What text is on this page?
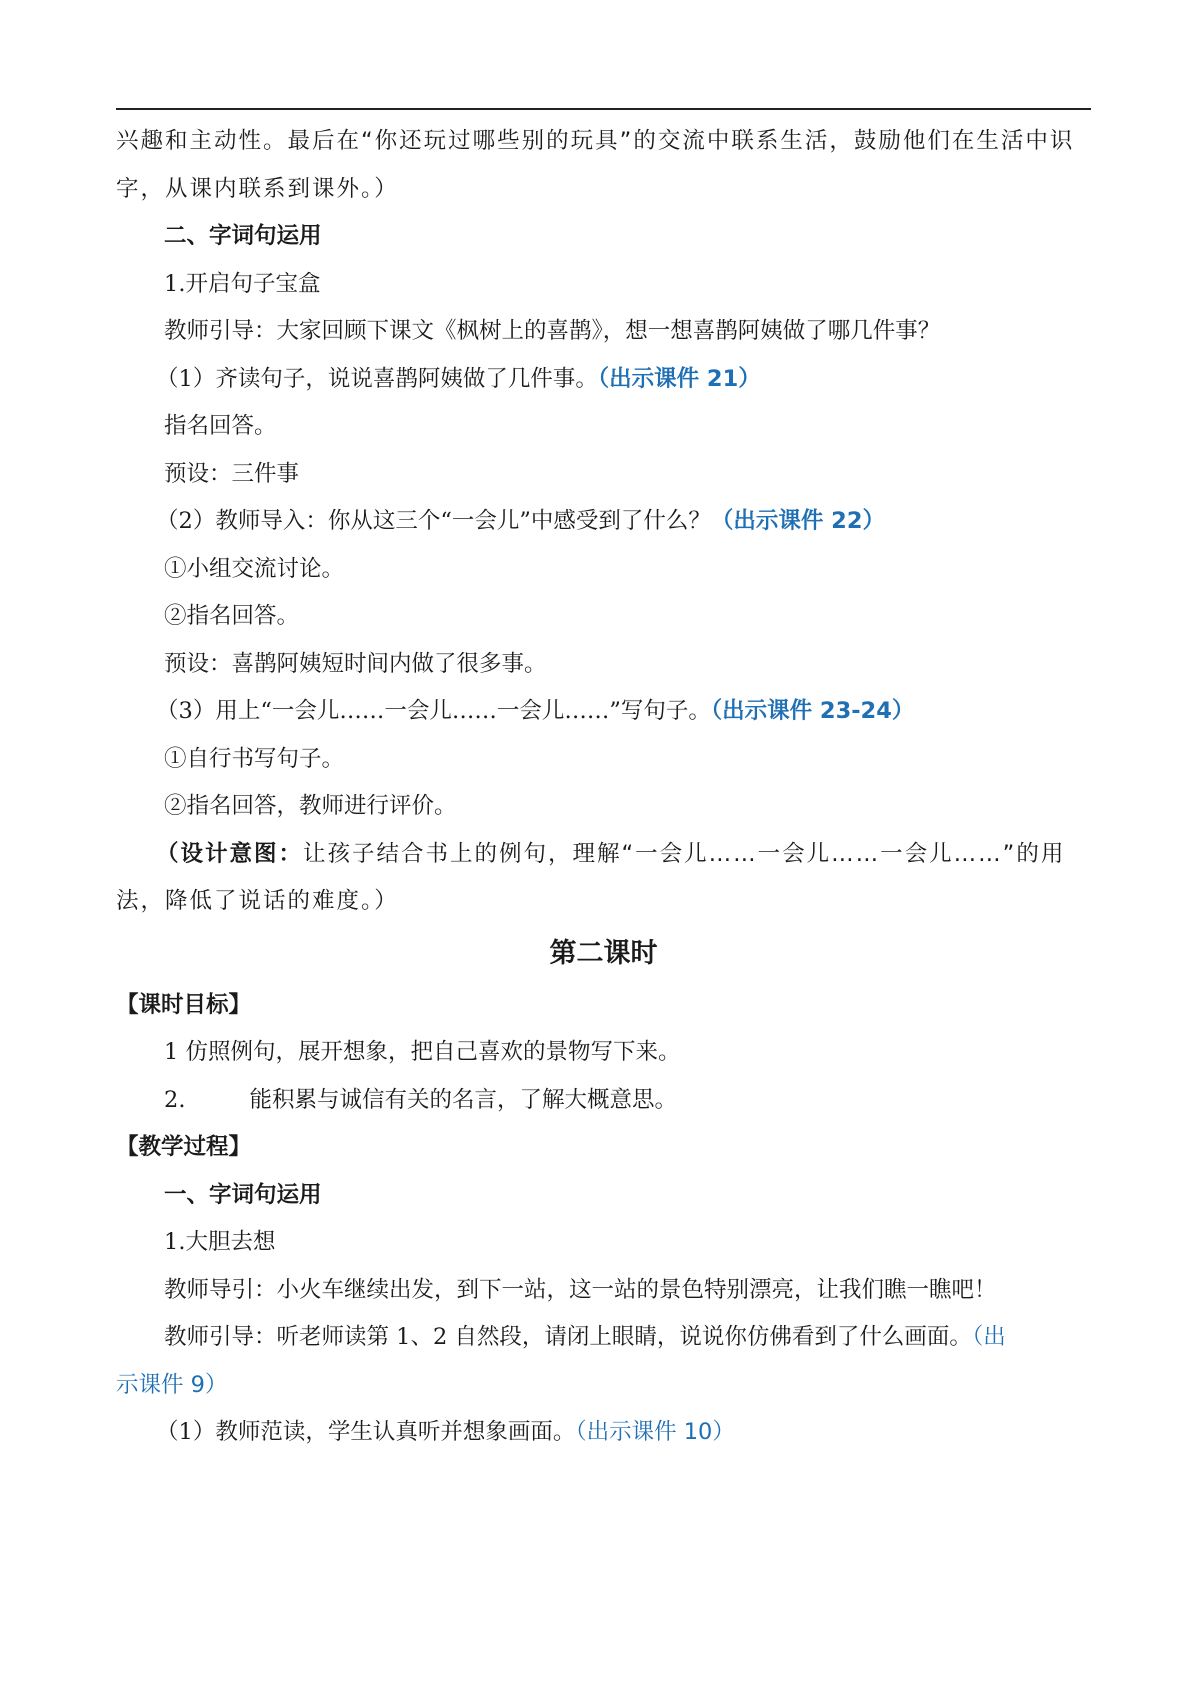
兴趣和主动性。最后在“你还玩过哪些别的玩具”的交流中联系生活，鼓励他们在生活中识
字，从课内联系到课外。）
二、字词句运用
1.开启句子宝盒
教师引导：大家回顾下课文《枫树上的喜鹊》，想一想喜鹊阿姨做了哪几件事？
（1）齐读句子，说说喜鹊阿姨做了几件事。（出示课件 21）
指名回答。
预设：三件事
（2）教师导入：你从这三个“一会儿”中感受到了什么？（出示课件 22）
①小组交流讨论。
②指名回答。
预设：喜鹊阿姨短时间内做了很多事。
（3）用上“一会儿……一会儿……一会儿……”写句子。（出示课件 23-24）
①自行书写句子。
②指名回答，教师进行评价。
（设计意图：让孩子结合书上的例句，理解“一会儿……一会儿……一会儿……”的用
法，降低了说话的难度。）
第二课时
【课时目标】
1 仿照例句，展开想象，把自己喜欢的景物写下来。
2.	能积累与诚信有关的名言，了解大概意思。
【教学过程】
一、字词句运用
1.大胆去想
教师导引：小火车继续出发，到下一站，这一站的景色特别漂亮，让我们瞧一瞧吧！
教师引导：听老师读第 1、2 自然段，请闭上眼睛，说说你仿佛看到了什么画面。（出
示课件 9）
（1）教师范读，学生认真听并想象画面。（出示课件 10）
